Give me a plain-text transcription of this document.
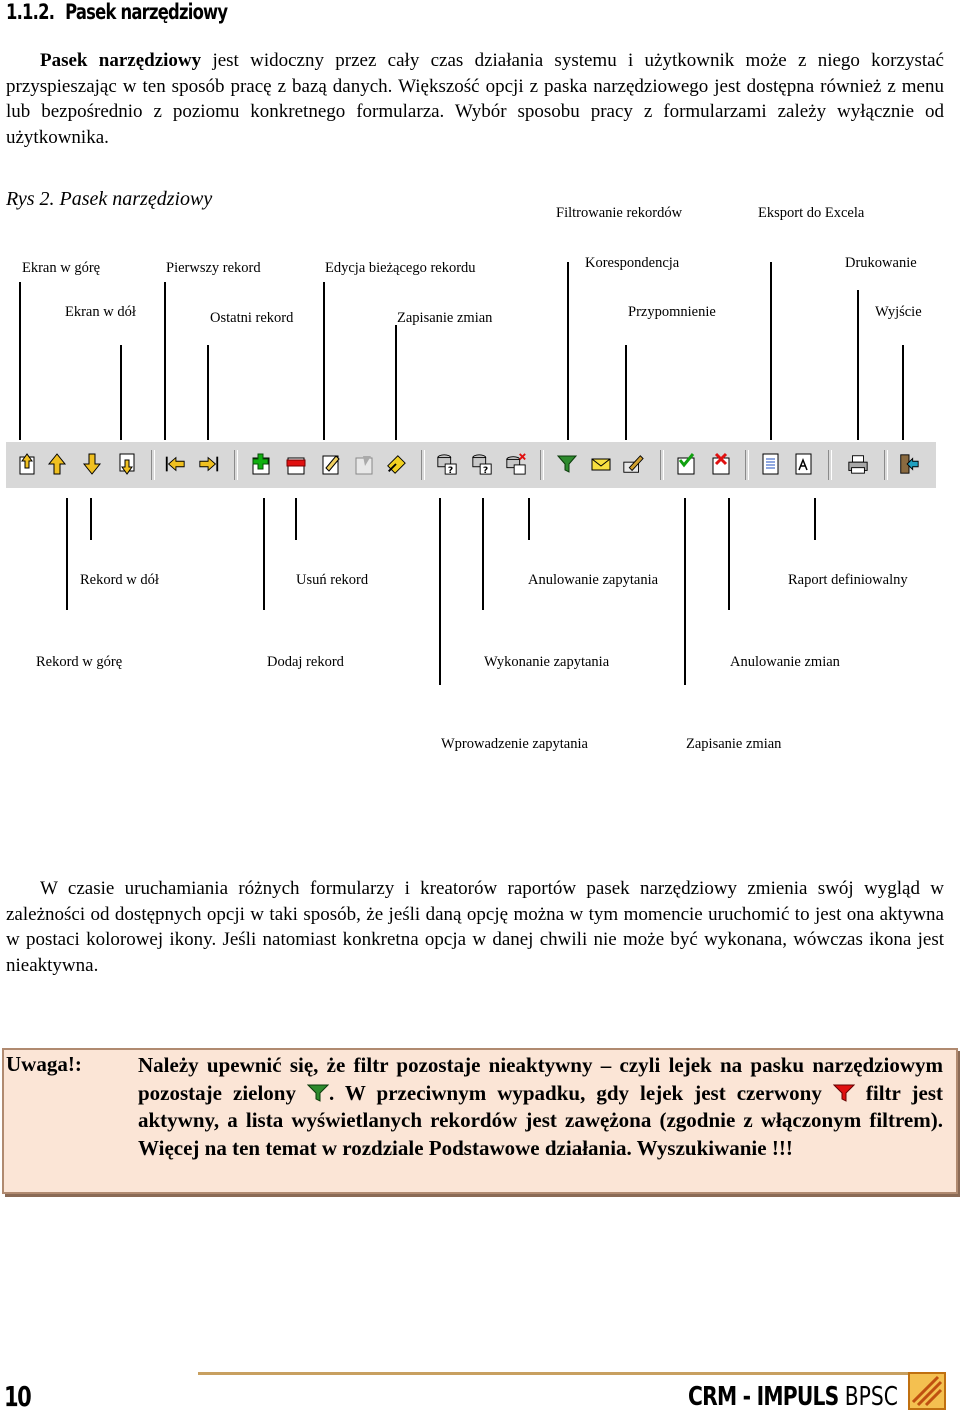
1.1.2. Pasek narzędziowy
Pasek narzędziowy jest widoczny przez cały czas działania systemu i użytkownik może z niego korzystać przyspieszając w ten sposób pracę z bazą danych. Większość opcji z paska narzędziowego jest dostępna również z menu lub bezpośrednio z poziomu konkretnego formularza. Wybór sposobu pracy z formularzami zależy wyłącznie od użytkownika.
Rys 2. Pasek narzędziowy
Filtrowanie rekordów	Eksport do Excela
Ekran w górę	Pierwszy rekord	Edycja bieżącego rekordu	Korespondencja	Drukowanie
Ekran w dół	Ostatni rekord	Zapisanie zmian	Przypomnienie	Wyjście
?	?
Rekord w dół	Usuń rekord	Anulowanie zapytania	Raport definiowalny
Rekord w górę	Dodaj rekord	Wykonanie zapytania	Anulowanie zmian
Wprowadzenie zapytania	Zapisanie zmian
W czasie uruchamiania różnych formularzy i kreatorów raportów pasek narzędziowy zmienia swój wygląd w zależności od dostępnych opcji w taki sposób, że jeśli daną opcję można w tym momencie uruchomić to jest ona aktywna w postaci kolorowej ikony. Jeśli natomiast konkretna opcja w danej chwili nie może być wykonana, wówczas ikona jest nieaktywna.
Uwaga!:	Należy upewnić się, że filtr pozostaje nieaktywny – czyli lejek na pasku narzędziowym pozostaje zielony . W przeciwnym wypadku, gdy lejek jest czerwony  filtr jest aktywny, a lista wyświetlanych rekordów jest zawężona (zgodnie z włączonym filtrem). Więcej na ten temat w rozdziale Podstawowe działania. Wyszukiwanie !!!
10	CRM - IMPULS BPSC
